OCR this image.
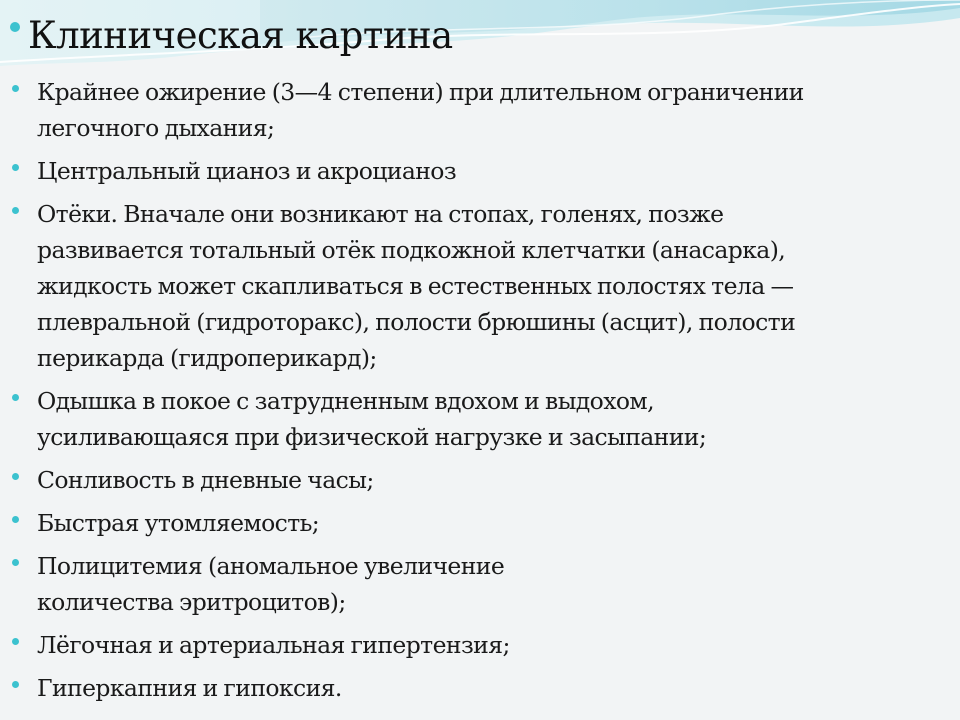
Клиническая картина
Крайнее ожирение (3—4 степени) при длительном ограничении
легочного дыхания;
Центральный цианоз и акроцианоз
Отёки. Вначале они возникают на стопах, голенях, позже
развивается тотальный отёк подкожной клетчатки (анасарка),
жидкость может скапливаться в естественных полостях тела —
плевральной (гидроторакс), полости брюшины (асцит), полости
перикарда (гидроперикард);
Одышка в покое с затрудненным вдохом и выдохом,
усиливающаяся при физической нагрузке и засыпании;
Сонливость в дневные часы;
Быстрая утомляемость;
Полицитемия (аномальное увеличение
количества эритроцитов);
Лёгочная и артериальная гипертензия;
Гиперкапния и гипоксия.
